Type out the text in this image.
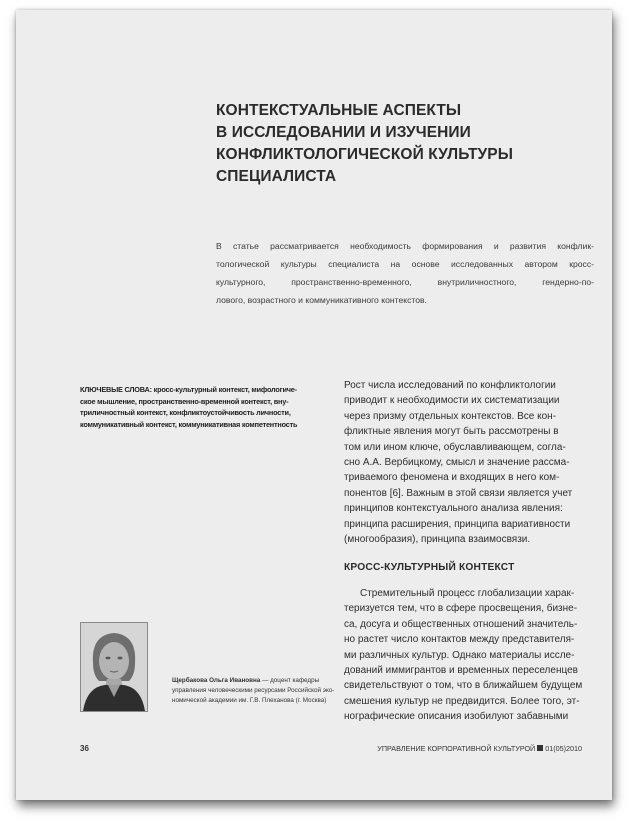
КОНТЕКСТУАЛЬНЫЕ АСПЕКТЫ
В ИССЛЕДОВАНИИ И ИЗУЧЕНИИ
КОНФЛИКТОЛОГИЧЕСКОЙ КУЛЬТУРЫ
СПЕЦИАЛИСТА
В статье рассматривается необходимость формирования и развития конфлик-
тологической культуры специалиста на основе исследованных автором кросс-
культурного, пространственно-временного, внутриличностного, гендерно-по-
лового, возрастного и коммуникативного контекстов.
КЛЮЧЕВЫЕ СЛОВА: кросс-культурный контекст, мифологиче-
ское мышление, пространственно-временной контекст, вну-
триличностный контекст, конфликтоустойчивость личности,
коммуникативный контекст, коммуникативная компетентность
Рост числа исследований по конфликтологии
приводит к необходимости их систематизации
через призму отдельных контекстов. Все кон-
фликтные явления могут быть рассмотрены в
том или ином ключе, обуславливающем, согла-
сно А.А. Вербицкому, смысл и значение рассма-
триваемого феномена и входящих в него ком-
понентов [6]. Важным в этой связи является учет
принципов контекстуального анализа явления:
принципа расширения, принципа вариативности
(многообразия), принципа взаимосвязи.
КРОСС-КУЛЬТУРНЫЙ КОНТЕКСТ
Стремительный процесс глобализации харак-
теризуется тем, что в сфере просвещения, бизне-
са, досуга и общественных отношений значитель-
но растет число контактов между представителя-
ми различных культур. Однако материалы иссле-
дований иммигрантов и временных переселенцев
свидетельствуют о том, что в ближайшем будущем
смешения культур не предвидится. Более того, эт-
нографические описания изобилуют забавными
Щербакова Ольга Ивановна — доцент кафедры
управления человеческими ресурсами Российской эко-
номической академии им. Г.В. Плеханова (г. Москва)
36	УПРАВЛЕНИЕ КОРПОРАТИВНОЙ КУЛЬТУРОЙ 01(05)2010
